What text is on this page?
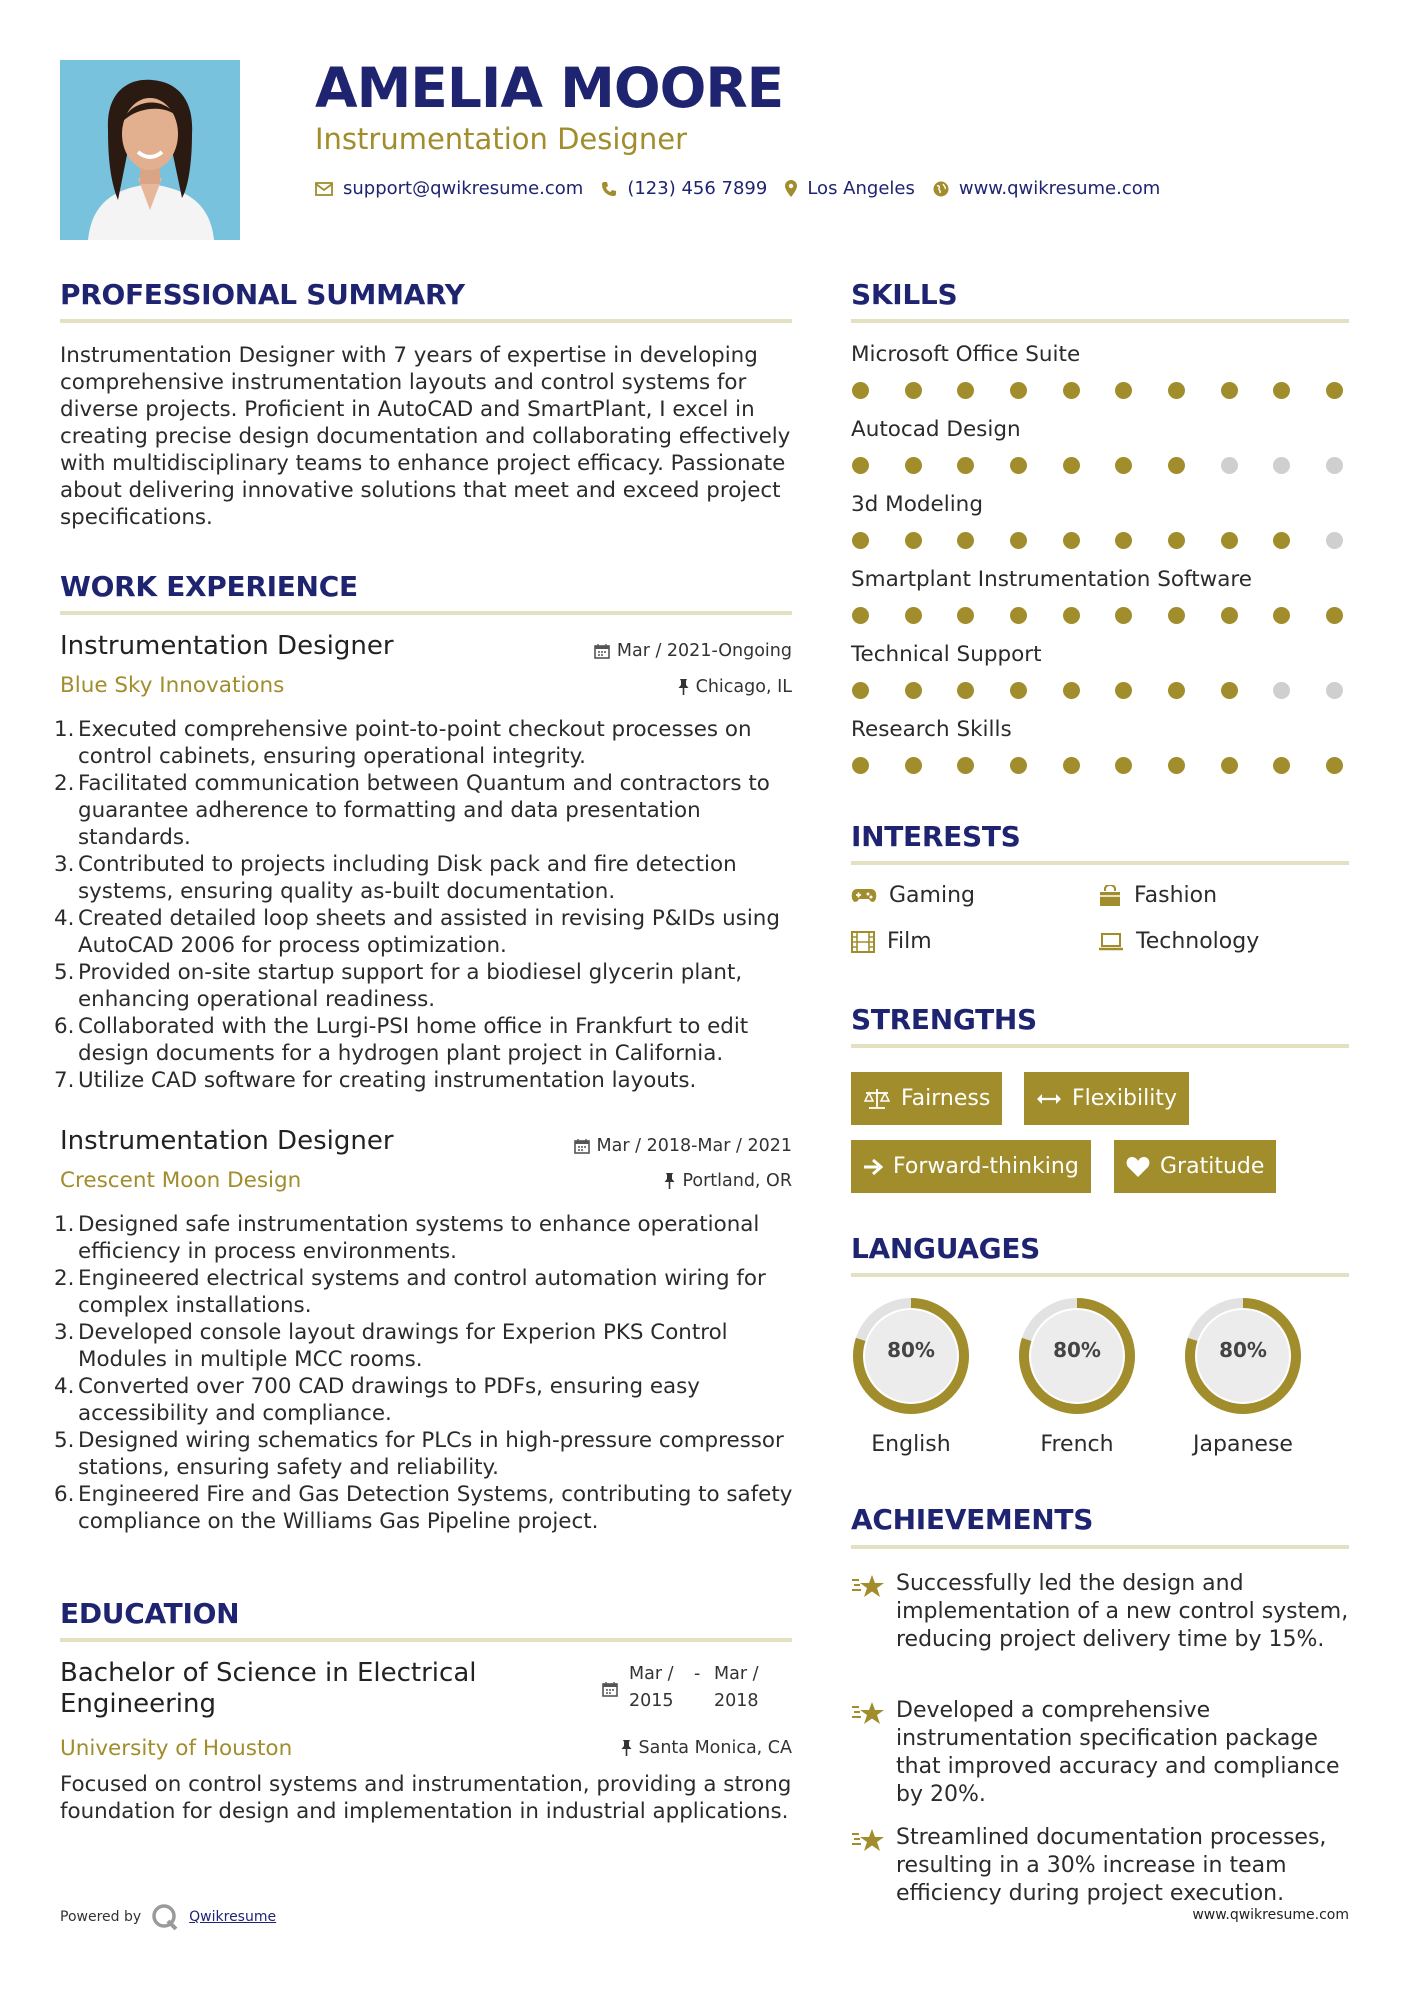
AMELIA MOORE
Instrumentation Designer
support@qwikresume.com (123) 456 7899 Los Angeles www.qwikresume.com
PROFESSIONAL SUMMARY
Instrumentation Designer with 7 years of expertise in developing comprehensive instrumentation layouts and control systems for diverse projects. Proficient in AutoCAD and SmartPlant, I excel in creating precise design documentation and collaborating effectively with multidisciplinary teams to enhance project efficacy. Passionate about delivering innovative solutions that meet and exceed project specifications.
WORK EXPERIENCE
Instrumentation Designer	Mar / 2021-Ongoing
Blue Sky Innovations	Chicago, IL
1. Executed comprehensive point-to-point checkout processes on control cabinets, ensuring operational integrity.
2. Facilitated communication between Quantum and contractors to guarantee adherence to formatting and data presentation standards.
3. Contributed to projects including Disk pack and fire detection systems, ensuring quality as-built documentation.
4. Created detailed loop sheets and assisted in revising P&IDs using AutoCAD 2006 for process optimization.
5. Provided on-site startup support for a biodiesel glycerin plant, enhancing operational readiness.
6. Collaborated with the Lurgi-PSI home office in Frankfurt to edit design documents for a hydrogen plant project in California.
7. Utilize CAD software for creating instrumentation layouts.
Instrumentation Designer	Mar / 2018-Mar / 2021
Crescent Moon Design	Portland, OR
1. Designed safe instrumentation systems to enhance operational efficiency in process environments.
2. Engineered electrical systems and control automation wiring for complex installations.
3. Developed console layout drawings for Experion PKS Control Modules in multiple MCC rooms.
4. Converted over 700 CAD drawings to PDFs, ensuring easy accessibility and compliance.
5. Designed wiring schematics for PLCs in high-pressure compressor stations, ensuring safety and reliability.
6. Engineered Fire and Gas Detection Systems, contributing to safety compliance on the Williams Gas Pipeline project.
EDUCATION
Bachelor of Science in Electrical Engineering
Mar /
2015
- Mar /
2018
University of Houston	Santa Monica, CA
Focused on control systems and instrumentation, providing a strong foundation for design and implementation in industrial applications.
SKILLS
Microsoft Office Suite
Autocad Design
3d Modeling
Smartplant Instrumentation Software
Technical Support
Research Skills
INTERESTS
Gaming	Fashion
Film	Technology
STRENGTHS
Fairness	Flexibility
Forward-thinking	Gratitude
LANGUAGES
80%
English
80%
French
80%
Japanese
ACHIEVEMENTS
Successfully led the design and implementation of a new control system, reducing project delivery time by 15%.
Developed a comprehensive instrumentation specification package that improved accuracy and compliance by 20%.
Streamlined documentation processes, resulting in a 30% increase in team efficiency during project execution.
Powered by	Qwikresume	www.qwikresume.com
